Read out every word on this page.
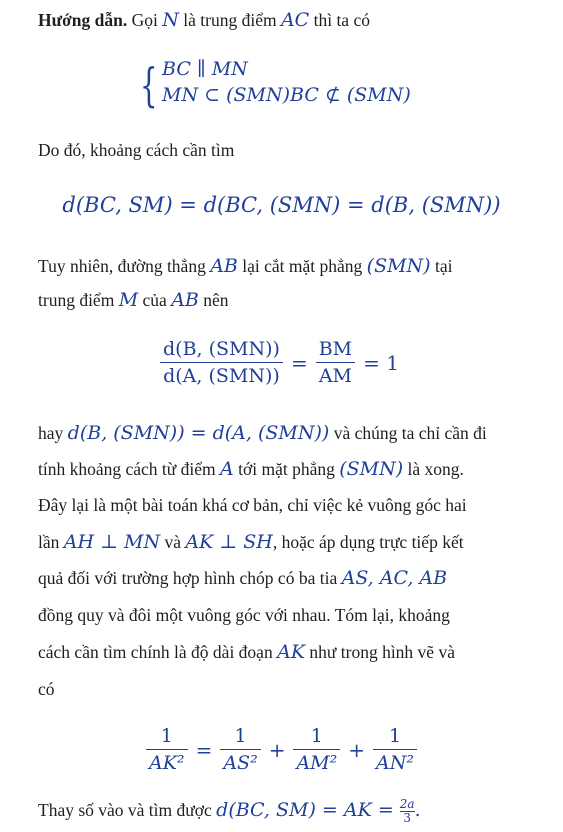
Hướng dẫn. Gọi N là trung điểm AC thì ta có
{ BC ∥ MN
MN ⊂ (SMN)BC ⊄ (SMN)
Do đó, khoảng cách cần tìm
d(BC, SM) = d(BC, (SMN) = d(B, (SMN))
Tuy nhiên, đường thẳng AB lại cắt mặt phẳng (SMN) tại
trung điểm M của AB nên
$\frac{\text{d(B, (SMN))}}{\text{d(A, (SMN))}} = \frac{BM}{AM} = 1$
hay d(B, (SMN)) = d(A, (SMN)) và chúng ta chỉ cần đi
tính khoảng cách từ điểm A tới mặt phẳng (SMN) là xong.
Đây lại là một bài toán khá cơ bản, chỉ việc kẻ vuông góc hai
lần AH ⊥ MN và AK ⊥ SH, hoặc áp dụng trực tiếp kết
quả đối với trường hợp hình chóp có ba tia AS, AC, AB
đồng quy và đôi một vuông góc với nhau. Tóm lại, khoảng
cách cần tìm chính là độ dài đoạn AK như trong hình vẽ và
có
$\frac{1}{\text{AK²}} = \frac{1}{\text{AS²}} + \frac{1}{\text{AM²}} + \frac{1}{\text{AN²}}$
Thay số vào và tìm được d(BC, SM) = AK = $\frac{2a}{3}$ .
